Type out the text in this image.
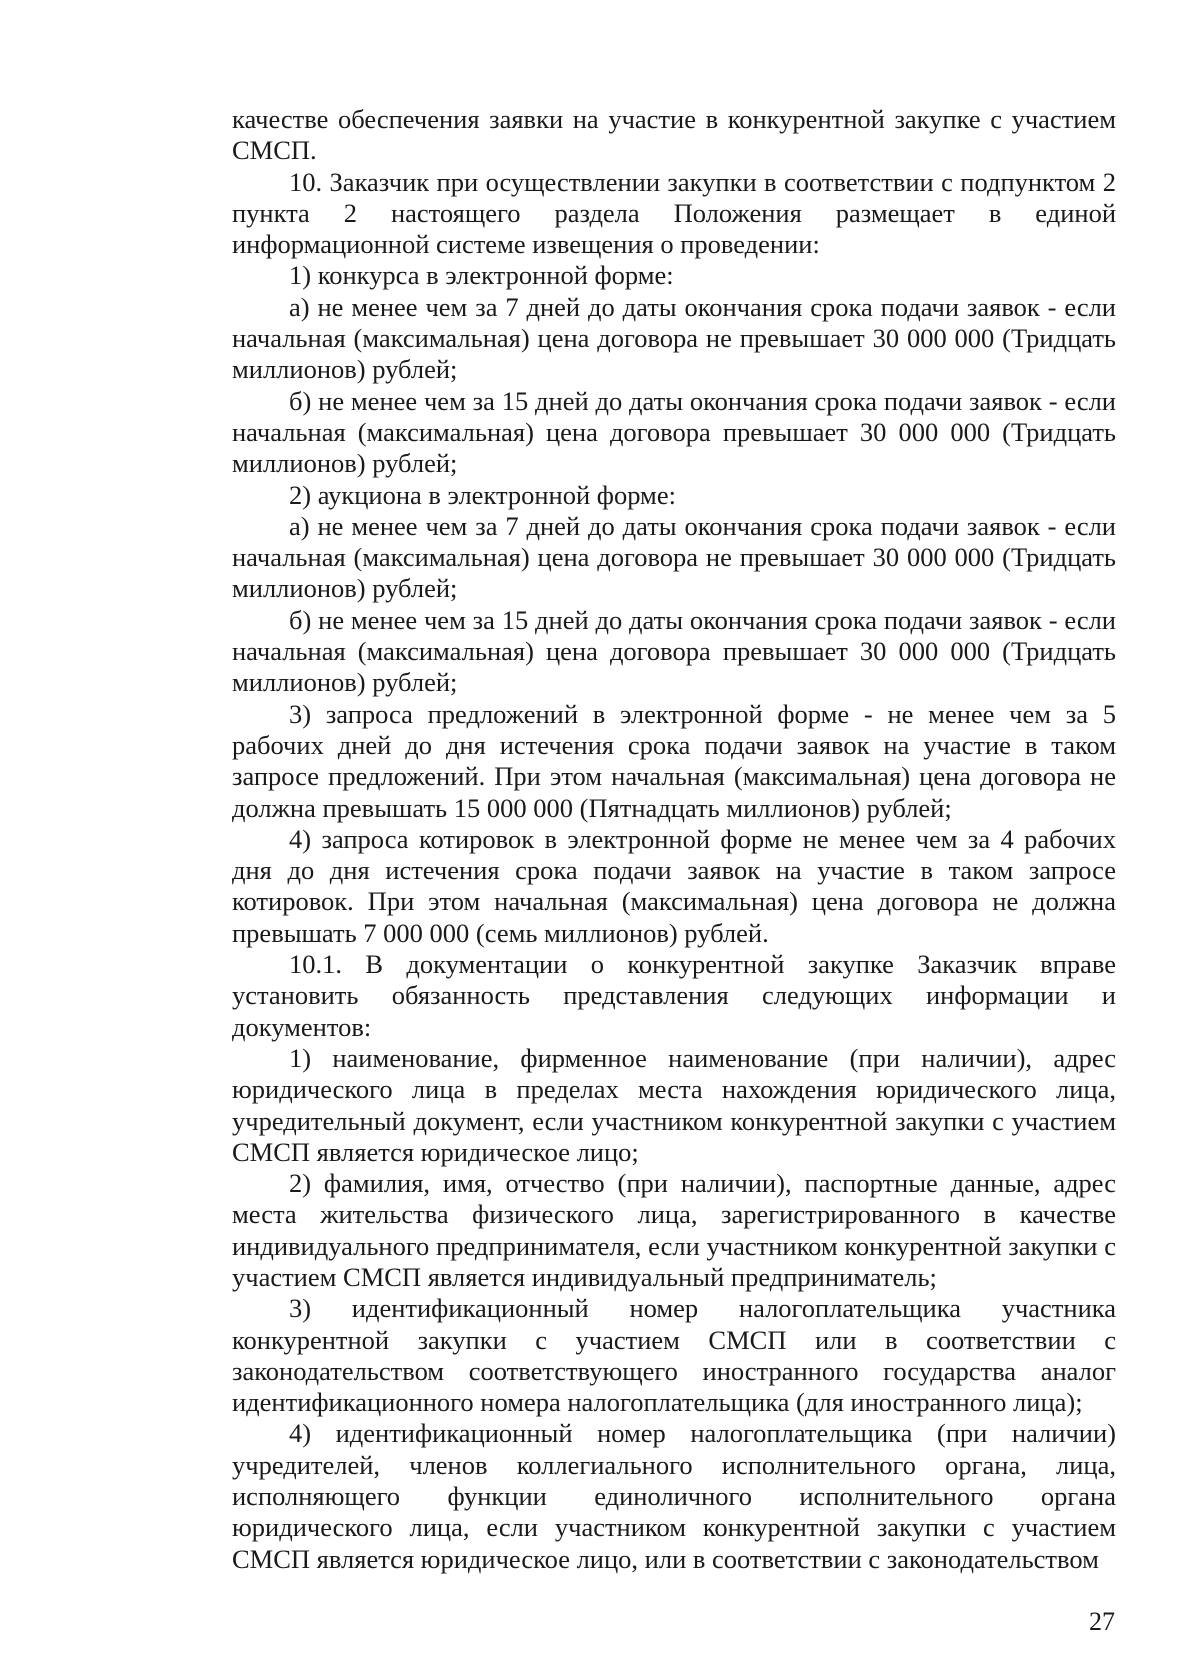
качестве обеспечения заявки на участие в конкурентной закупке с участием СМСП.

10. Заказчик при осуществлении закупки в соответствии с подпунктом 2 пункта 2 настоящего раздела Положения размещает в единой информационной системе извещения о проведении:

1) конкурса в электронной форме:

а) не менее чем за 7 дней до даты окончания срока подачи заявок - если начальная (максимальная) цена договора не превышает 30 000 000 (Тридцать миллионов) рублей;

б) не менее чем за 15 дней до даты окончания срока подачи заявок - если начальная (максимальная) цена договора превышает 30 000 000 (Тридцать миллионов) рублей;

2) аукциона в электронной форме:

а) не менее чем за 7 дней до даты окончания срока подачи заявок - если начальная (максимальная) цена договора не превышает 30 000 000 (Тридцать миллионов) рублей;

б) не менее чем за 15 дней до даты окончания срока подачи заявок - если начальная (максимальная) цена договора превышает 30 000 000 (Тридцать миллионов) рублей;

3) запроса предложений в электронной форме - не менее чем за 5 рабочих дней до дня истечения срока подачи заявок на участие в таком запросе предложений. При этом начальная (максимальная) цена договора не должна превышать 15 000 000 (Пятнадцать миллионов) рублей;

4) запроса котировок в электронной форме не менее чем за 4 рабочих дня до дня истечения срока подачи заявок на участие в таком запросе котировок. При этом начальная (максимальная) цена договора не должна превышать 7 000 000 (семь миллионов) рублей.

10.1. В документации о конкурентной закупке Заказчик вправе установить обязанность представления следующих информации и документов:

1) наименование, фирменное наименование (при наличии), адрес юридического лица в пределах места нахождения юридического лица, учредительный документ, если участником конкурентной закупки с участием СМСП является юридическое лицо;

2) фамилия, имя, отчество (при наличии), паспортные данные, адрес места жительства физического лица, зарегистрированного в качестве индивидуального предпринимателя, если участником конкурентной закупки с участием СМСП является индивидуальный предприниматель;

3) идентификационный номер налогоплательщика участника конкурентной закупки с участием СМСП или в соответствии с законодательством соответствующего иностранного государства аналог идентификационного номера налогоплательщика (для иностранного лица);

4) идентификационный номер налогоплательщика (при наличии) учредителей, членов коллегиального исполнительного органа, лица, исполняющего функции единоличного исполнительного органа юридического лица, если участником конкурентной закупки с участием СМСП является юридическое лицо, или в соответствии с законодательством

27
